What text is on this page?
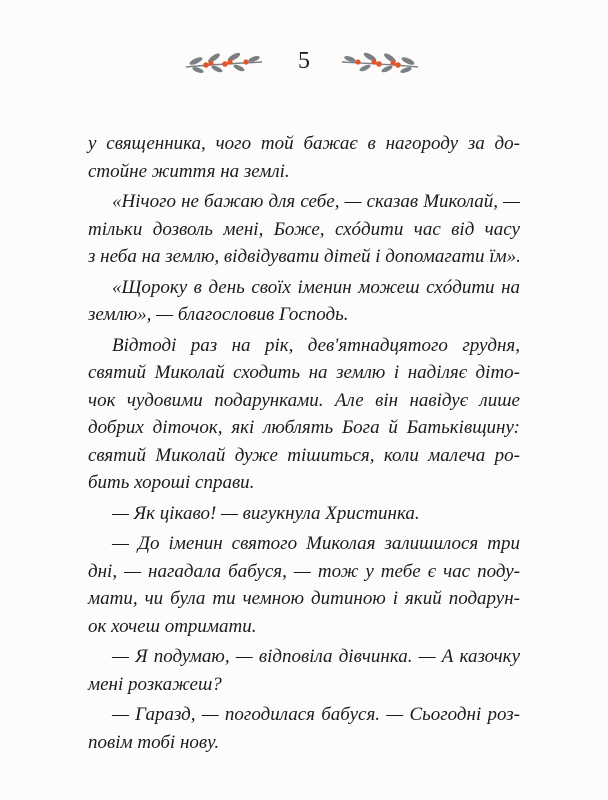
5
у священника, чого той бажає в нагороду за до-
стойне життя на землі.
«Нічого не бажаю для себе, — сказав Миколай, —
тільки дозволь мені, Боже, схóдити час від часу
з неба на землю, відвідувати дітей і допомагати їм».
«Щороку в день своїх іменин можеш схóдити на
землю», — благословив Господь.
Відтоді раз на рік, дев'ятнадцятого грудня,
святий Миколай сходить на землю і наділяє діто-
чок чудовими подарунками. Але він навідує лише
добрих діточок, які люблять Бога й Батьківщину:
святий Миколай дуже тішиться, коли малеча ро-
бить хороші справи.
— Як цікаво! — вигукнула Христинка.
— До іменин святого Миколая залишилося три
дні, — нагадала бабуся, — тож у тебе є час поду-
мати, чи була ти чемною дитиною і який подарун-
ок хочеш отримати.
— Я подумаю, — відповіла дівчинка. — А казочку
мені розкажеш?
— Гаразд, — погодилася бабуся. — Сьогодні роз-
повім тобі нову.
